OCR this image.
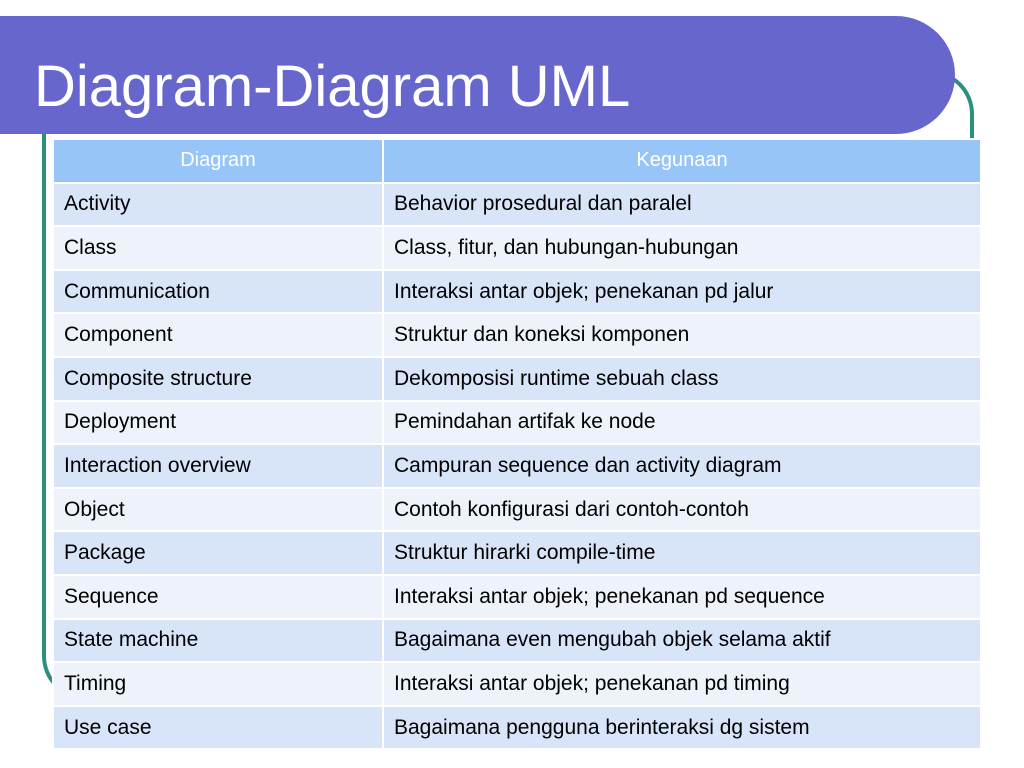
Diagram-Diagram UML
Diagram	Kegunaan
Activity	Behavior prosedural dan paralel
Class	Class, fitur, dan hubungan-hubungan
Communication	Interaksi antar objek; penekanan pd jalur
Component	Struktur dan koneksi komponen
Composite structure	Dekomposisi runtime sebuah class
Deployment	Pemindahan artifak ke node
Interaction overview	Campuran sequence dan activity diagram
Object	Contoh konfigurasi dari contoh-contoh
Package	Struktur hirarki compile-time
Sequence	Interaksi antar objek; penekanan pd sequence
State machine	Bagaimana even mengubah objek selama aktif
Timing	Interaksi antar objek; penekanan pd timing
Use case	Bagaimana pengguna berinteraksi dg sistem
